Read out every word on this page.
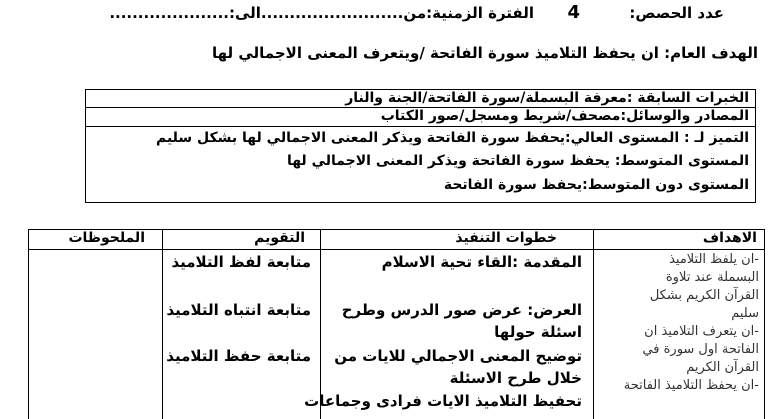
عدد الحصص:
4
الفترة الزمنية:من.........................الى:.....................
الهدف العام: ان يحفظ التلاميذ سورة الفاتحة /ويتعرف المعنى الاجمالي لها
الخبرات السابقة :معرفة البسملة/سورة الفاتحة/الجنة والنار
المصادر والوسائل:مصحف/شريط ومسجل/صور الكتاب
التميز لـ : المستوى العالي:يحفظ سورة الفاتحة ويذكر المعنى الاجمالي لها بشكل سليم
المستوى المتوسط: يحفظ سورة الفاتحة ويذكر المعنى الاجمالي لها
المستوى دون المتوسط:يحفظ سورة الفاتحة
الاهداف
خطوات التنفيذ
التقويم
الملحوظات
-ان يلفظ التلاميذ
البسملة عند تلاوة
القرآن الكريم بشكل
سليم
-ان يتعرف التلاميذ ان
الفاتحة اول سورة في
القرآن الكريم
-ان يحفظ التلاميذ الفاتحة
المقدمة :القاء تحية الاسلام
العرض: عرض صور الدرس وطرح
اسئلة حولها
توضيح المعنى الاجمالي للايات من
خلال طرح الاسئلة
تحفيظ التلاميذ الايات فرادى وجماعات
متابعة لفظ التلاميذ
متابعة انتباه التلاميذ
متابعة حفظ التلاميذ
